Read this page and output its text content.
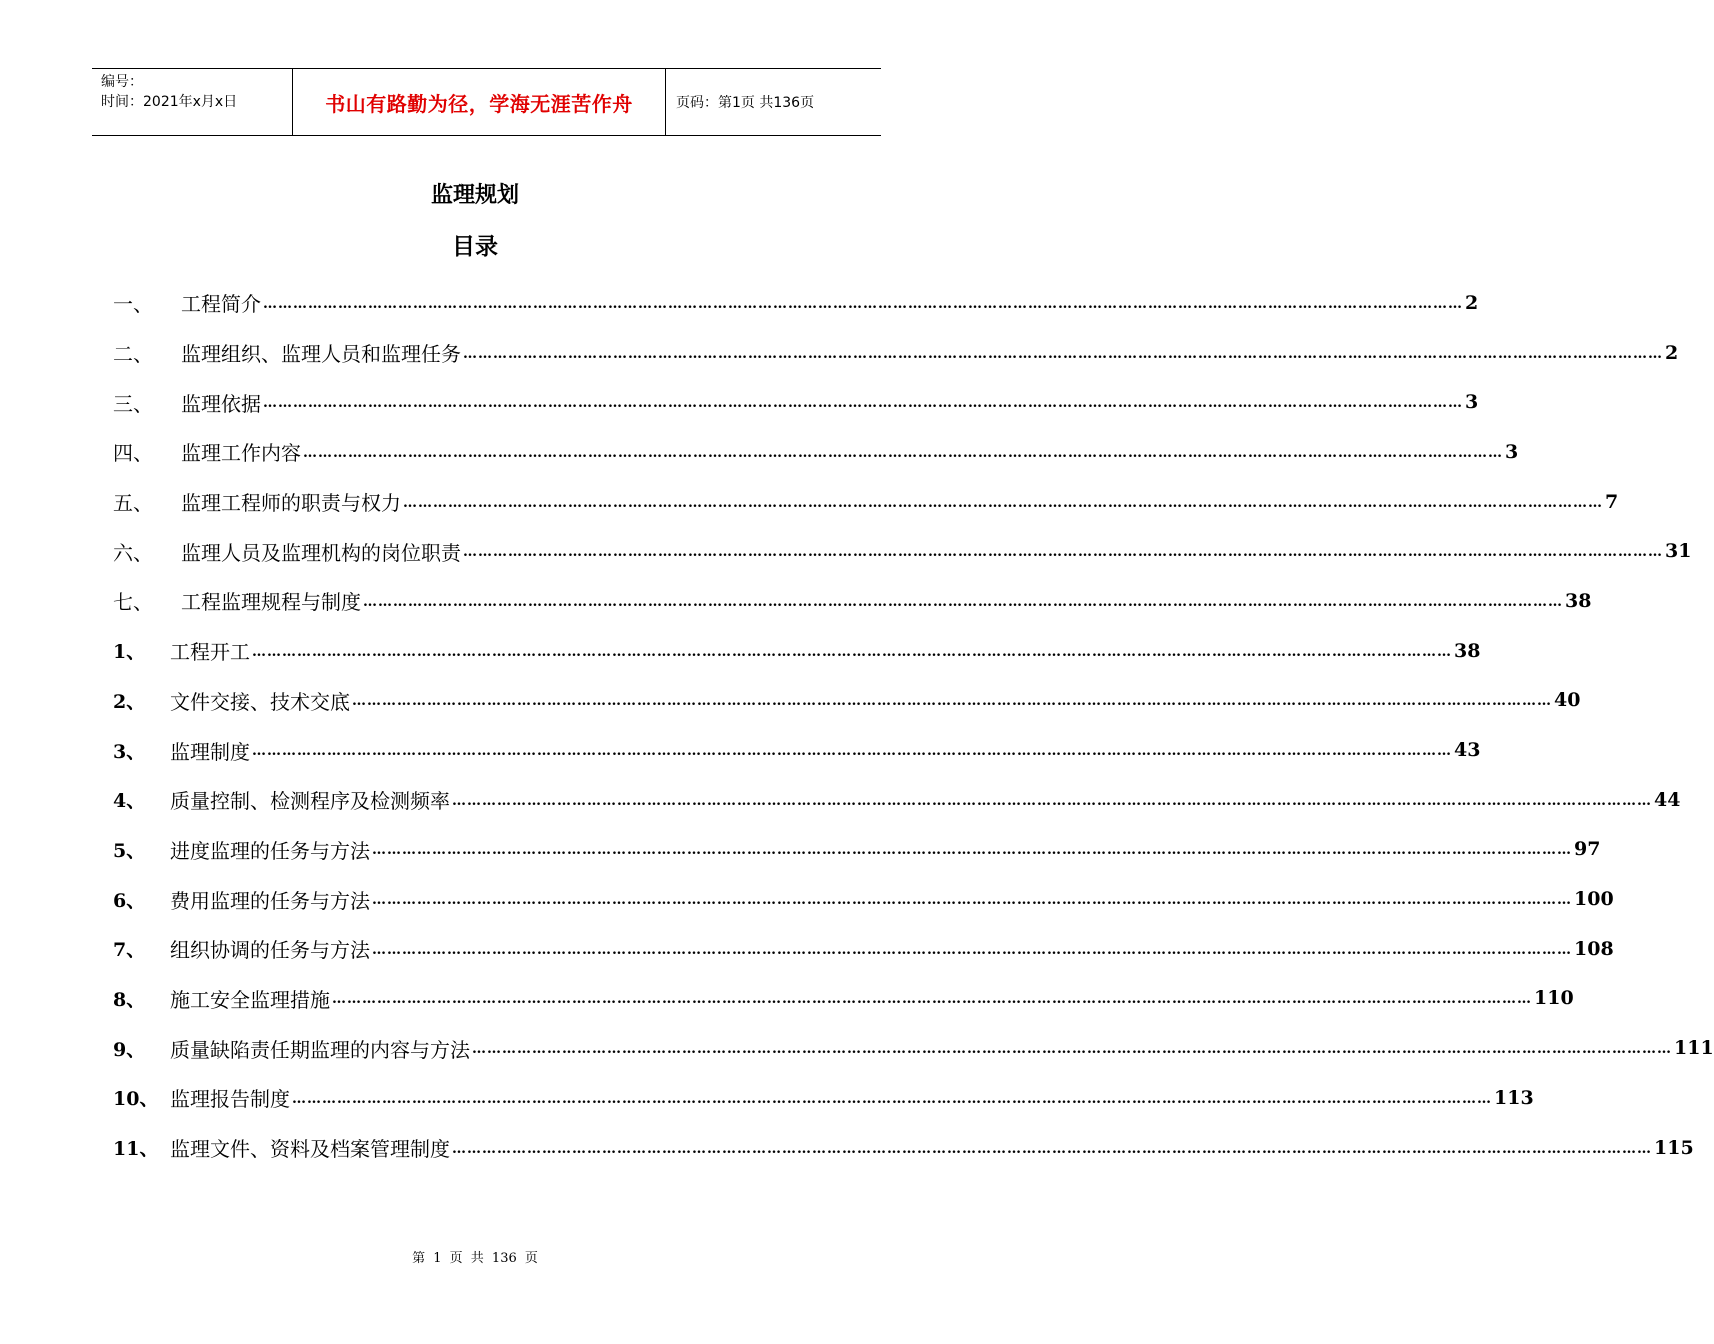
编号：
时间：2021年x月x日	书山有路勤为径，学海无涯苦作舟	页码：第1页 共136页
监理规划
目录
一、	工程简介 …………………………………………………………………………………………………………………………………………………………………………………………………………………… 2
二、	监理组织、监理人员和监理任务 …………………………………………………………………………………………………………………………………………………………………………………………………………………… 2
三、	监理依据 …………………………………………………………………………………………………………………………………………………………………………………………………………………… 3
四、	监理工作内容 …………………………………………………………………………………………………………………………………………………………………………………………………………………… 3
五、	监理工程师的职责与权力 …………………………………………………………………………………………………………………………………………………………………………………………………………………… 7
六、	监理人员及监理机构的岗位职责 …………………………………………………………………………………………………………………………………………………………………………………………………………………… 31
七、	工程监理规程与制度 …………………………………………………………………………………………………………………………………………………………………………………………………………………… 38
1、	工程开工 …………………………………………………………………………………………………………………………………………………………………………………………………………………… 38
2、	文件交接、技术交底 …………………………………………………………………………………………………………………………………………………………………………………………………………………… 40
3、	监理制度 …………………………………………………………………………………………………………………………………………………………………………………………………………………… 43
4、	质量控制、检测程序及检测频率 …………………………………………………………………………………………………………………………………………………………………………………………………………………… 44
5、	进度监理的任务与方法 …………………………………………………………………………………………………………………………………………………………………………………………………………………… 97
6、	费用监理的任务与方法 …………………………………………………………………………………………………………………………………………………………………………………………………………………… 100
7、	组织协调的任务与方法 …………………………………………………………………………………………………………………………………………………………………………………………………………………… 108
8、	施工安全监理措施 …………………………………………………………………………………………………………………………………………………………………………………………………………………… 110
9、	质量缺陷责任期监理的内容与方法 …………………………………………………………………………………………………………………………………………………………………………………………………………………… 111
10、 监理报告制度 …………………………………………………………………………………………………………………………………………………………………………………………………………………… 113
11、 监理文件、资料及档案管理制度 …………………………………………………………………………………………………………………………………………………………………………………………………………………… 115
第 1 页 共 136 页
